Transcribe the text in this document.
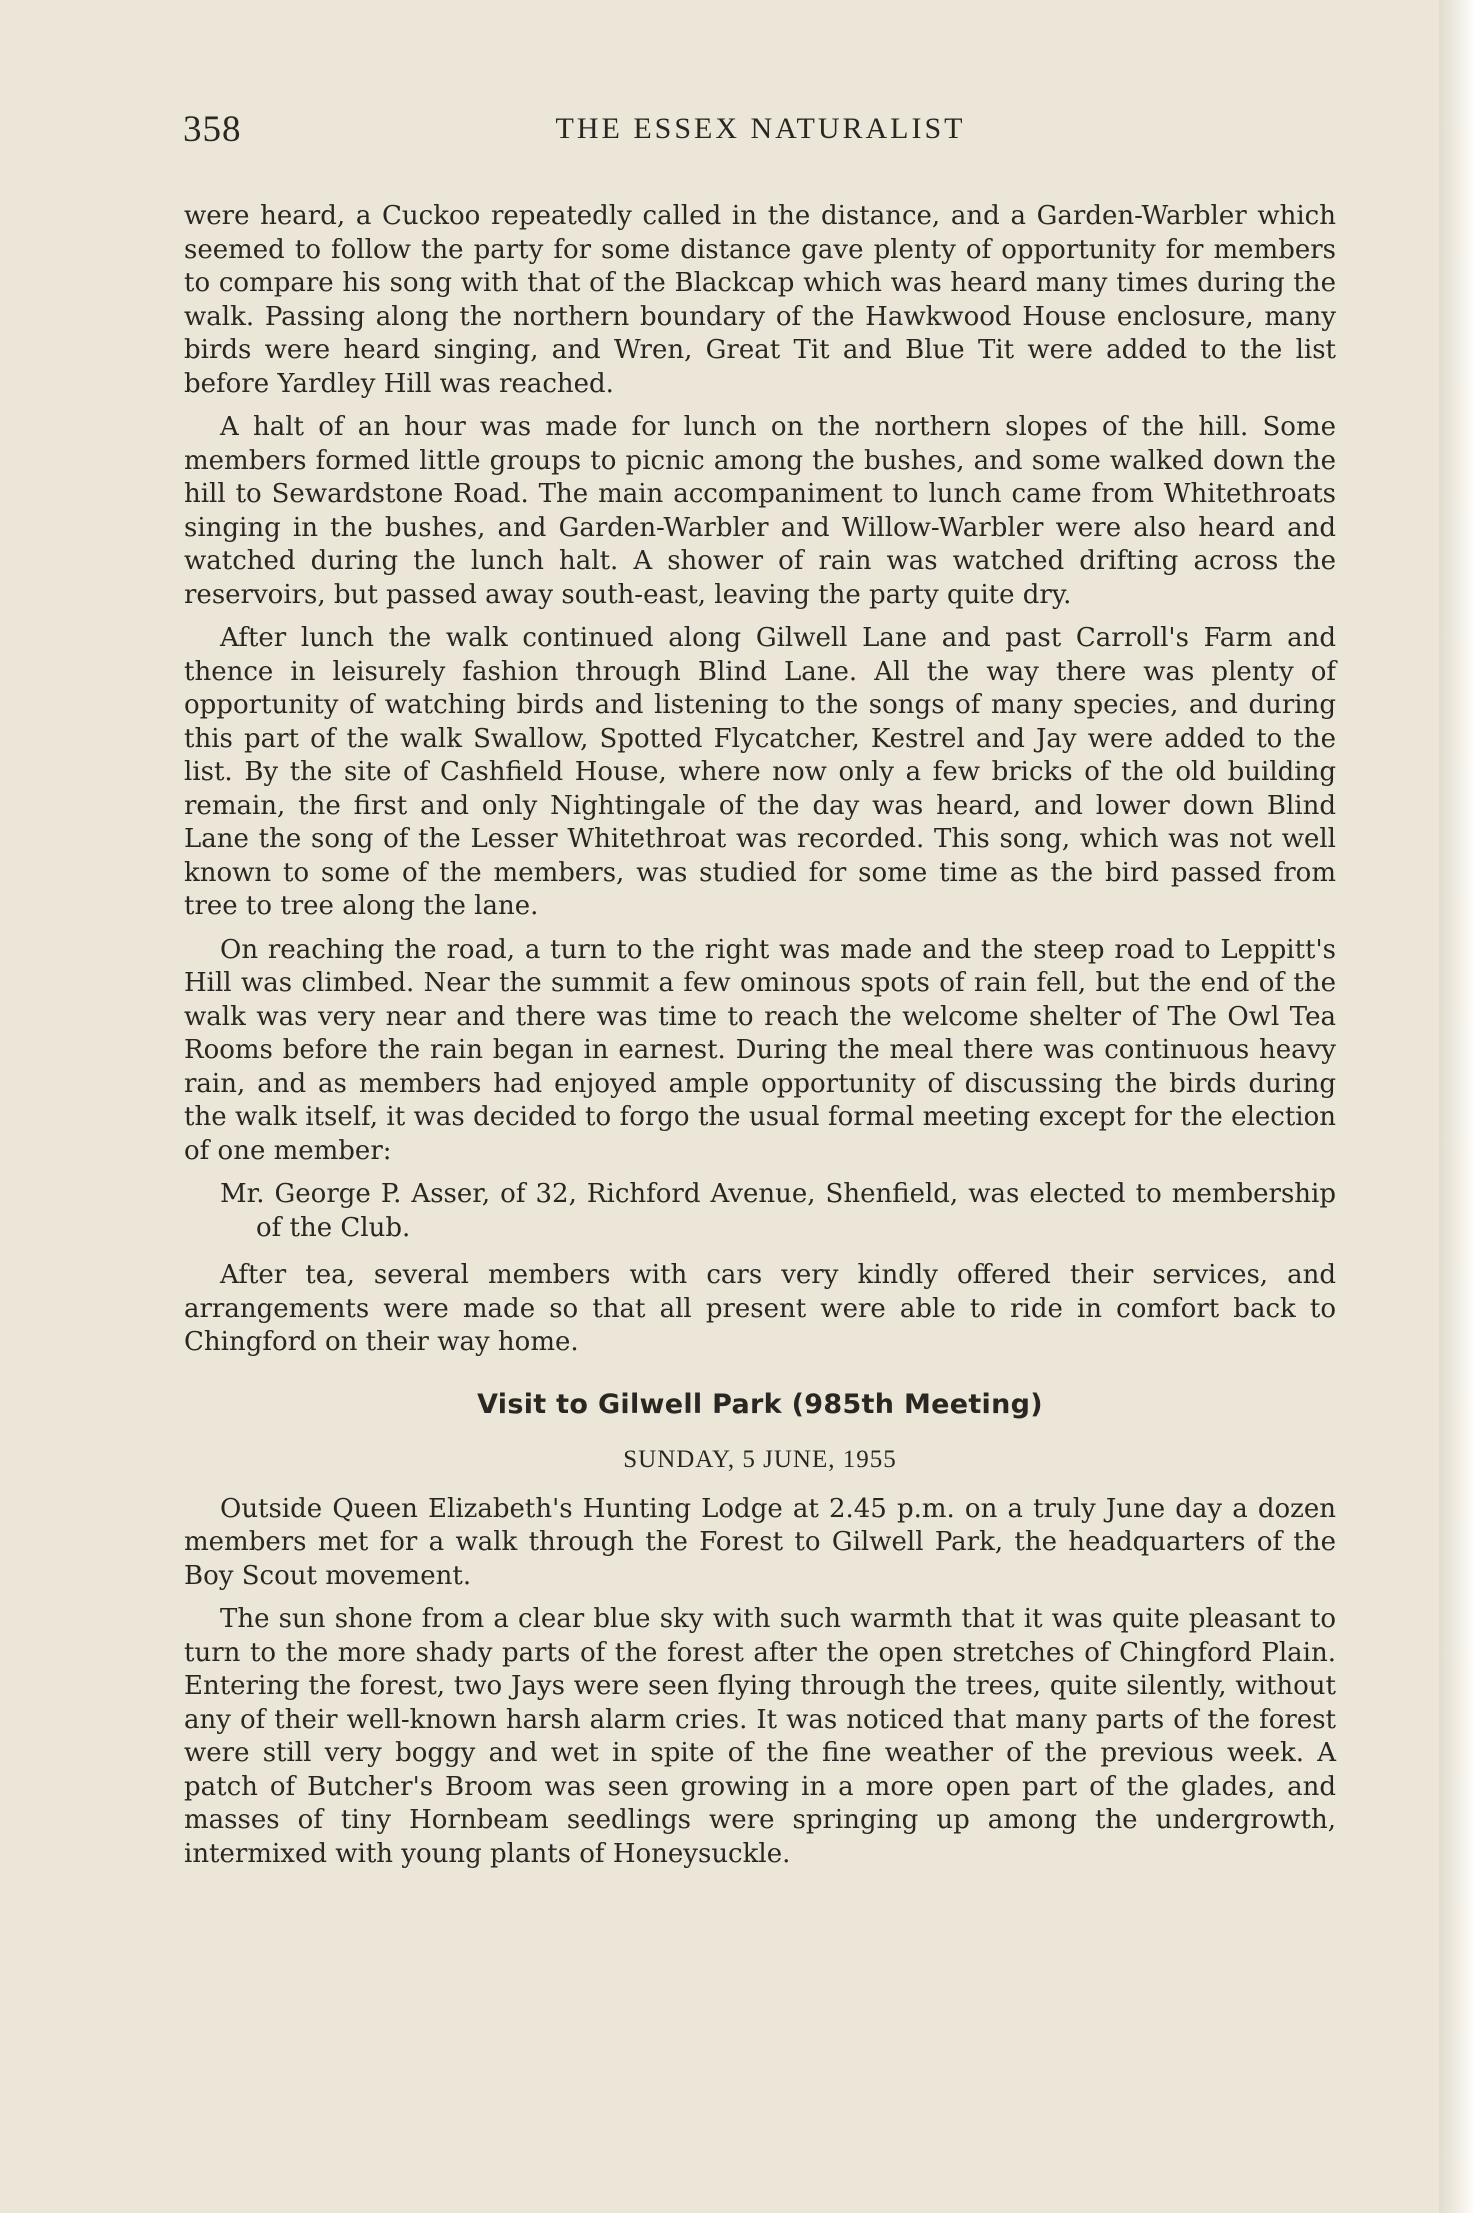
358	THE ESSEX NATURALIST

were heard, a Cuckoo repeatedly called in the distance, and a Garden-Warbler which seemed to follow the party for some distance gave plenty of opportunity for members to compare his song with that of the Blackcap which was heard many times during the walk. Passing along the northern boundary of the Hawkwood House enclosure, many birds were heard singing, and Wren, Great Tit and Blue Tit were added to the list before Yardley Hill was reached.

A halt of an hour was made for lunch on the northern slopes of the hill. Some members formed little groups to picnic among the bushes, and some walked down the hill to Sewardstone Road. The main accompaniment to lunch came from Whitethroats singing in the bushes, and Garden-Warbler and Willow-Warbler were also heard and watched during the lunch halt. A shower of rain was watched drifting across the reservoirs, but passed away south-east, leaving the party quite dry.

After lunch the walk continued along Gilwell Lane and past Carroll's Farm and thence in leisurely fashion through Blind Lane. All the way there was plenty of opportunity of watching birds and listening to the songs of many species, and during this part of the walk Swallow, Spotted Flycatcher, Kestrel and Jay were added to the list. By the site of Cashfield House, where now only a few bricks of the old building remain, the first and only Nightingale of the day was heard, and lower down Blind Lane the song of the Lesser Whitethroat was recorded. This song, which was not well known to some of the members, was studied for some time as the bird passed from tree to tree along the lane.

On reaching the road, a turn to the right was made and the steep road to Leppitt's Hill was climbed. Near the summit a few ominous spots of rain fell, but the end of the walk was very near and there was time to reach the welcome shelter of The Owl Tea Rooms before the rain began in earnest. During the meal there was continuous heavy rain, and as members had enjoyed ample opportunity of discussing the birds during the walk itself, it was decided to forgo the usual formal meeting except for the election of one member:

Mr. George P. Asser, of 32, Richford Avenue, Shenfield, was elected to membership of the Club.

After tea, several members with cars very kindly offered their services, and arrangements were made so that all present were able to ride in comfort back to Chingford on their way home.

Visit to Gilwell Park (985th Meeting)
SUNDAY, 5 JUNE, 1955

Outside Queen Elizabeth's Hunting Lodge at 2.45 p.m. on a truly June day a dozen members met for a walk through the Forest to Gilwell Park, the headquarters of the Boy Scout movement.

The sun shone from a clear blue sky with such warmth that it was quite pleasant to turn to the more shady parts of the forest after the open stretches of Chingford Plain. Entering the forest, two Jays were seen flying through the trees, quite silently, without any of their well-known harsh alarm cries. It was noticed that many parts of the forest were still very boggy and wet in spite of the fine weather of the previous week. A patch of Butcher's Broom was seen growing in a more open part of the glades, and masses of tiny Hornbeam seedlings were springing up among the undergrowth, intermixed with young plants of Honeysuckle.
